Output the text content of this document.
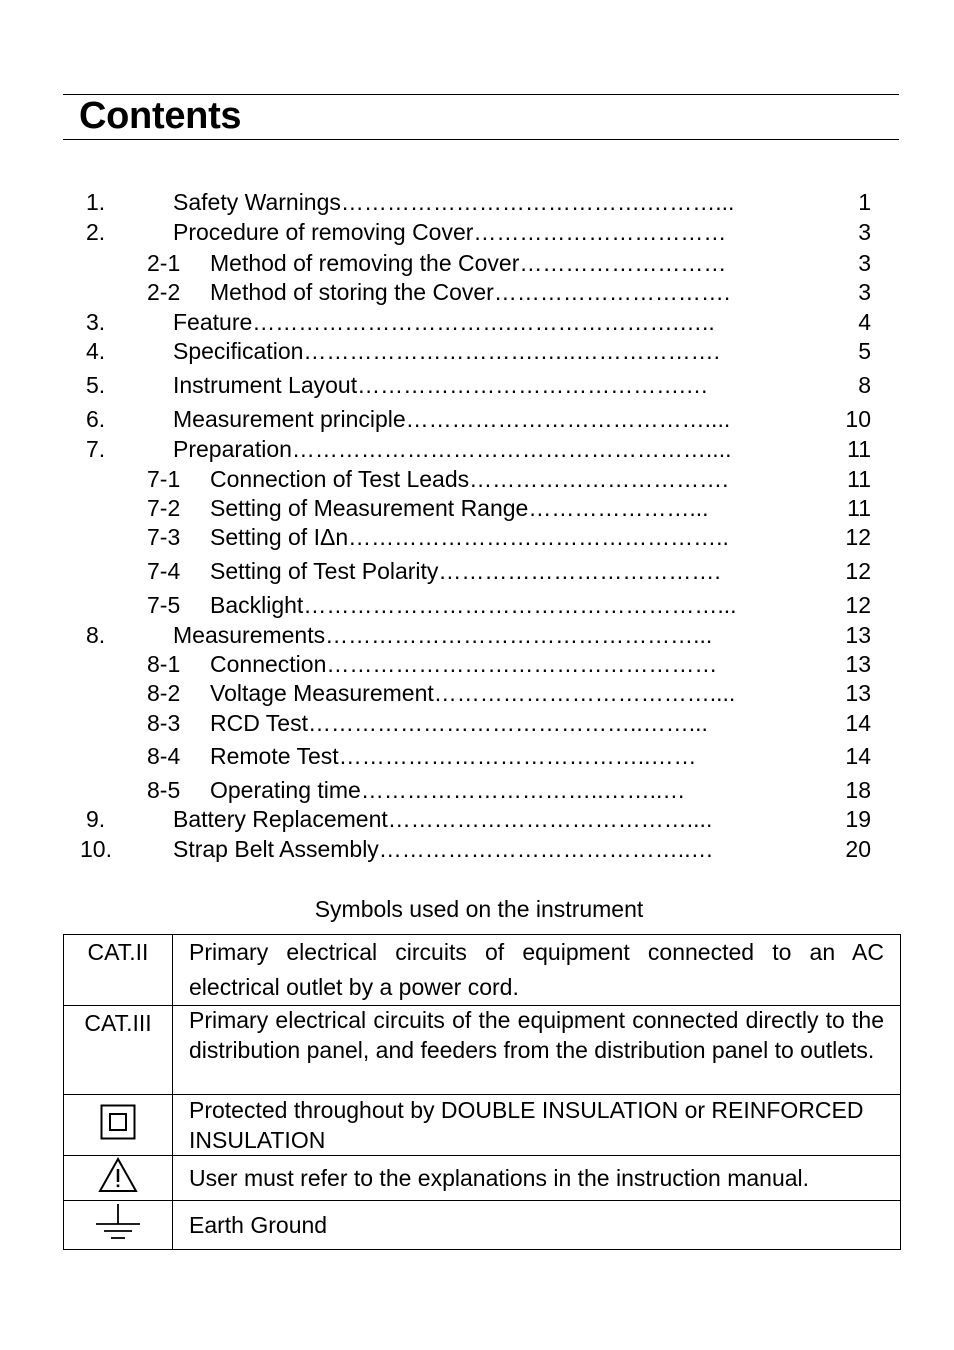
Contents
1.	Safety Warnings………………………………….………...	1
2.	Procedure of removing Cover……………………………	3
2-1 Method of removing the Cover………………………	3
2-2 Method of storing the Cover………………………….	3
3.	Feature…………………………….………………….…..	4
4.	Specification………………………….…..……………….	5
5.	Instrument Layout…………………………………….…	8
6.	Measurement principle…………………………………....	10
7.	Preparation………………………………………………....	11
7-1 Connection of Test Leads…………………………….	11
7-2 Setting of Measurement Range…………………...	11
7-3 Setting of IΔn…………………………………………..	12
7-4 Setting of Test Polarity……………………………….	12
7-5 Backlight………………………………………………...	12
8.	Measurements…………………………………………...	13
8-1 Connection……………………………………………	13
8-2 Voltage Measurement………………………………....	13
8-3 RCD Test……………………………………..……...	14
8-4 Remote Test…………………………………..……	14
8-5 Operating time…………………………..……..…	18
9.	Battery Replacement…………………………………....	19
10.	Strap Belt Assembly…………………………………..…	20
Symbols used on the instrument
CAT.II	Primary electrical circuits of equipment connected to an AC electrical outlet by a power cord.

CAT.III	Primary electrical circuits of the equipment connected directly to the distribution panel, and feeders from the distribution panel to outlets.
	Protected throughout by DOUBLE INSULATION or REINFORCED INSULATION
	User must refer to the explanations in the instruction manual.
	Earth Ground
